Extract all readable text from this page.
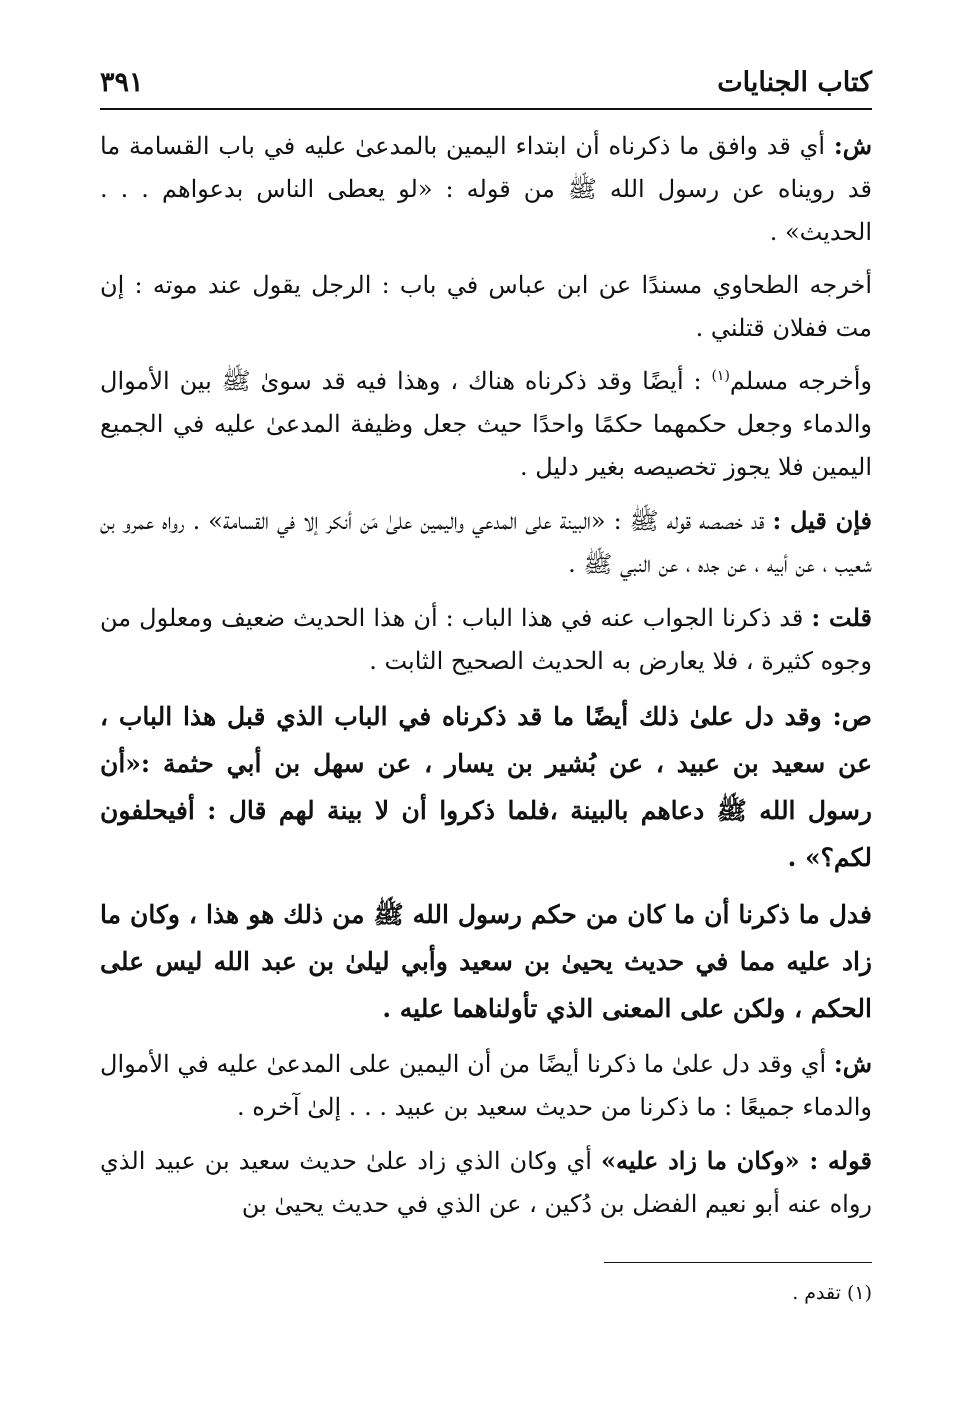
كتاب الجنايات
٣٩١

ش: أي قد وافق ما ذكرناه أن ابتداء اليمين بالمدعىٰ عليه في باب القسامة ما قد رويناه عن رسول الله ﷺ من قوله : «لو يعطى الناس بدعواهم . . . الحديث» .

أخرجه الطحاوي مسندًا عن ابن عباس في باب : الرجل يقول عند موته : إن مت ففلان قتلني .

وأخرجه مسلم$^{(١)}$ : أيضًا وقد ذكرناه هناك ، وهذا فيه قد سوىٰ ﷺ بين الأموال والدماء وجعل حكمهما حكمًا واحدًا حيث جعل وظيفة المدعىٰ عليه في الجميع اليمين فلا يجوز تخصيصه بغير دليل .

فإن قيل : قد خصصه قوله ﷺ : «البينة على المدعي واليمين علىٰ مَن أنكر إلا في القسامة» . رواه عمرو بن شعيب ، عن أبيه ، عن جده ، عن النبي ﷺ .

قلت : قد ذكرنا الجواب عنه في هذا الباب : أن هذا الحديث ضعيف ومعلول من وجوه كثيرة ، فلا يعارض به الحديث الصحيح الثابت .

ص: وقد دل علىٰ ذلك أيضًا ما قد ذكرناه في الباب الذي قبل هذا الباب ، عن سعيد بن عبيد ، عن بُشير بن يسار ، عن سهل بن أبي حثمة :«أن رسول الله ﷺ دعاهم بالبينة ،فلما ذكروا أن لا بينة لهم قال : أفيحلفون لكم؟» .

فدل ما ذكرنا أن ما كان من حكم رسول الله ﷺ من ذلك هو هذا ، وكان ما زاد عليه مما في حديث يحيىٰ بن سعيد وأبي ليلىٰ بن عبد الله ليس على الحكم ، ولكن على المعنى الذي تأولناهما عليه .

ش: أي وقد دل علىٰ ما ذكرنا أيضًا من أن اليمين على المدعىٰ عليه في الأموال والدماء جميعًا : ما ذكرنا من حديث سعيد بن عبيد . . . إلىٰ آخره .

قوله : «وكان ما زاد عليه» أي وكان الذي زاد علىٰ حديث سعيد بن عبيد الذي رواه عنه أبو نعيم الفضل بن دُكين ، عن الذي في حديث يحيىٰ بن

(١) تقدم .
